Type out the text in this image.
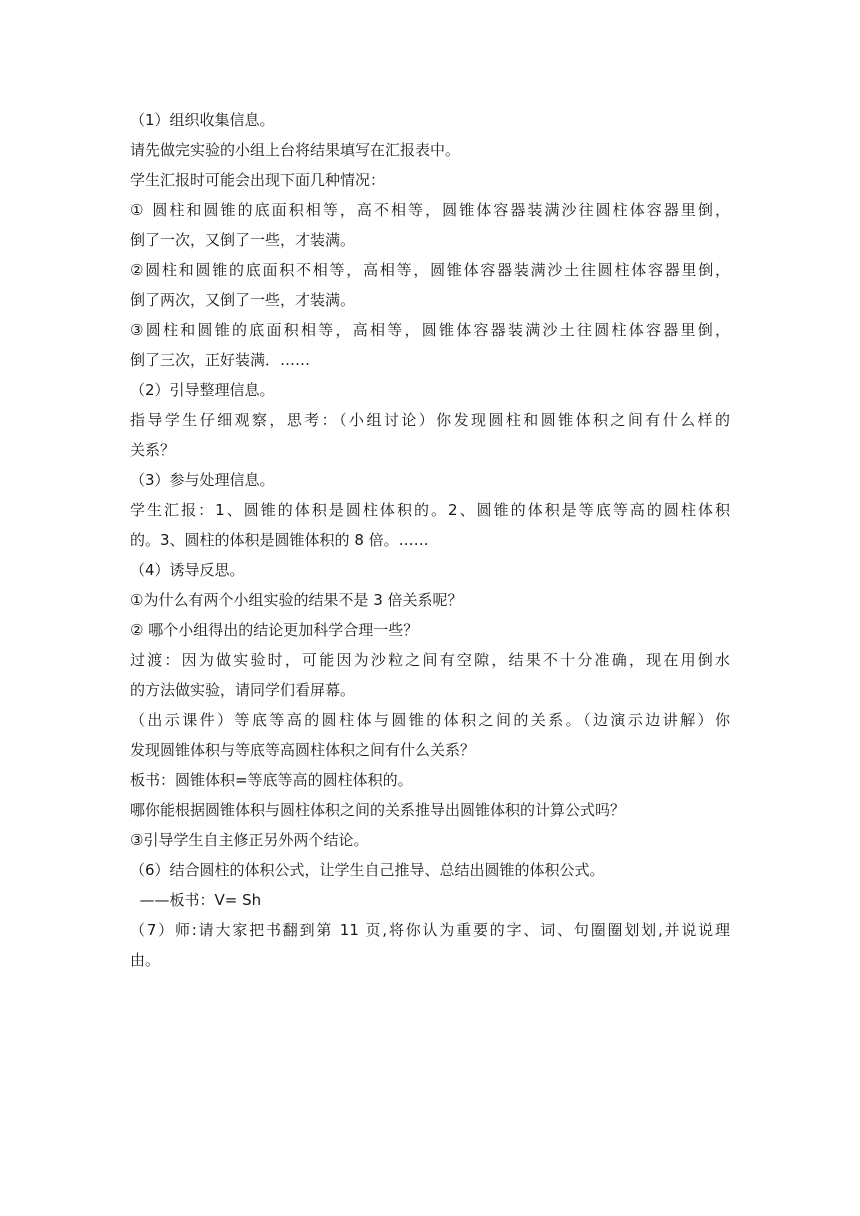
（1）组织收集信息。
请先做完实验的小组上台将结果填写在汇报表中。
学生汇报时可能会出现下面几种情况：
① 圆柱和圆锥的底面积相等，高不相等，圆锥体容器装满沙往圆柱体容器里倒，
倒了一次，又倒了一些，才装满。
②圆柱和圆锥的底面积不相等，高相等，圆锥体容器装满沙土往圆柱体容器里倒，
倒了两次，又倒了一些，才装满。
③圆柱和圆锥的底面积相等，高相等，圆锥体容器装满沙土往圆柱体容器里倒，
倒了三次，正好装满．……
（2）引导整理信息。
指导学生仔细观察，思考：（小组讨论）你发现圆柱和圆锥体积之间有什么样的
关系？
（3）参与处理信息。
学生汇报：1、圆锥的体积是圆柱体积的。2、圆锥的体积是等底等高的圆柱体积
的。3、圆柱的体积是圆锥体积的 8 倍。……
（4）诱导反思。
①为什么有两个小组实验的结果不是 3 倍关系呢？
② 哪个小组得出的结论更加科学合理一些？
过渡：因为做实验时，可能因为沙粒之间有空隙，结果不十分准确，现在用倒水
的方法做实验，请同学们看屏幕。
（出示课件）等底等高的圆柱体与圆锥的体积之间的关系。（边演示边讲解）你
发现圆锥体积与等底等高圆柱体积之间有什么关系？
板书：圆锥体积=等底等高的圆柱体积的。
哪你能根据圆锥体积与圆柱体积之间的关系推导出圆锥体积的计算公式吗？
③引导学生自主修正另外两个结论。
（6）结合圆柱的体积公式，让学生自己推导、总结出圆锥的体积公式。
——板书：V= Sh
（7）师:请大家把书翻到第 11 页,将你认为重要的字、词、句圈圈划划,并说说理
由。
